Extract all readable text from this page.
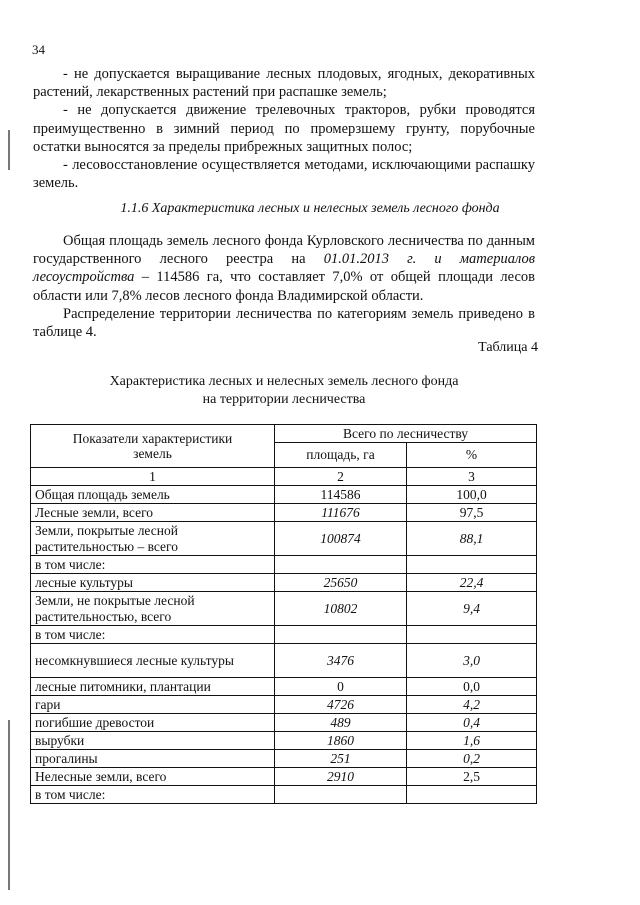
34

- не допускается выращивание лесных плодовых, ягодных, декоративных растений, лекарственных растений при распашке земель;

- не допускается движение трелевочных тракторов, рубки проводятся преимущественно в зимний период по промерзшему грунту, порубочные остатки выносятся за пределы прибрежных защитных полос;

- лесовосстановление осуществляется методами, исключающими распашку земель.

1.1.6 Характеристика лесных и нелесных земель лесного фонда

Общая площадь земель лесного фонда Курловского лесничества по данным государственного лесного реестра на 01.01.2013 г. и материалов лесоустройства – 114586 га, что составляет 7,0% от общей площади лесов области или 7,8% лесов лесного фонда Владимирской области.

Распределение территории лесничества по категориям земель приведено в таблице 4.

Таблица 4
Характеристика лесных и нелесных земель лесного фонда
на территории лесничества
Показатели характеристики земель	Всего по лесничеству	
	площадь, га	%
1	2	3
Общая площадь земель	114586	100,0
Лесные земли, всего	111676	97,5
Земли, покрытые лесной растительностью – всего	100874	88,1
в том числе:		
лесные культуры	25650	22,4
Земли, не покрытые лесной растительностью, всего	10802	9,4
в том числе:		
несомкнувшиеся лесные культуры	3476	3,0
лесные питомники, плантации	0	0,0
гари	4726	4,2
погибшие древостои	489	0,4
вырубки	1860	1,6
прогалины	251	0,2
Нелесные земли, всего	2910	2,5
в том числе:		
